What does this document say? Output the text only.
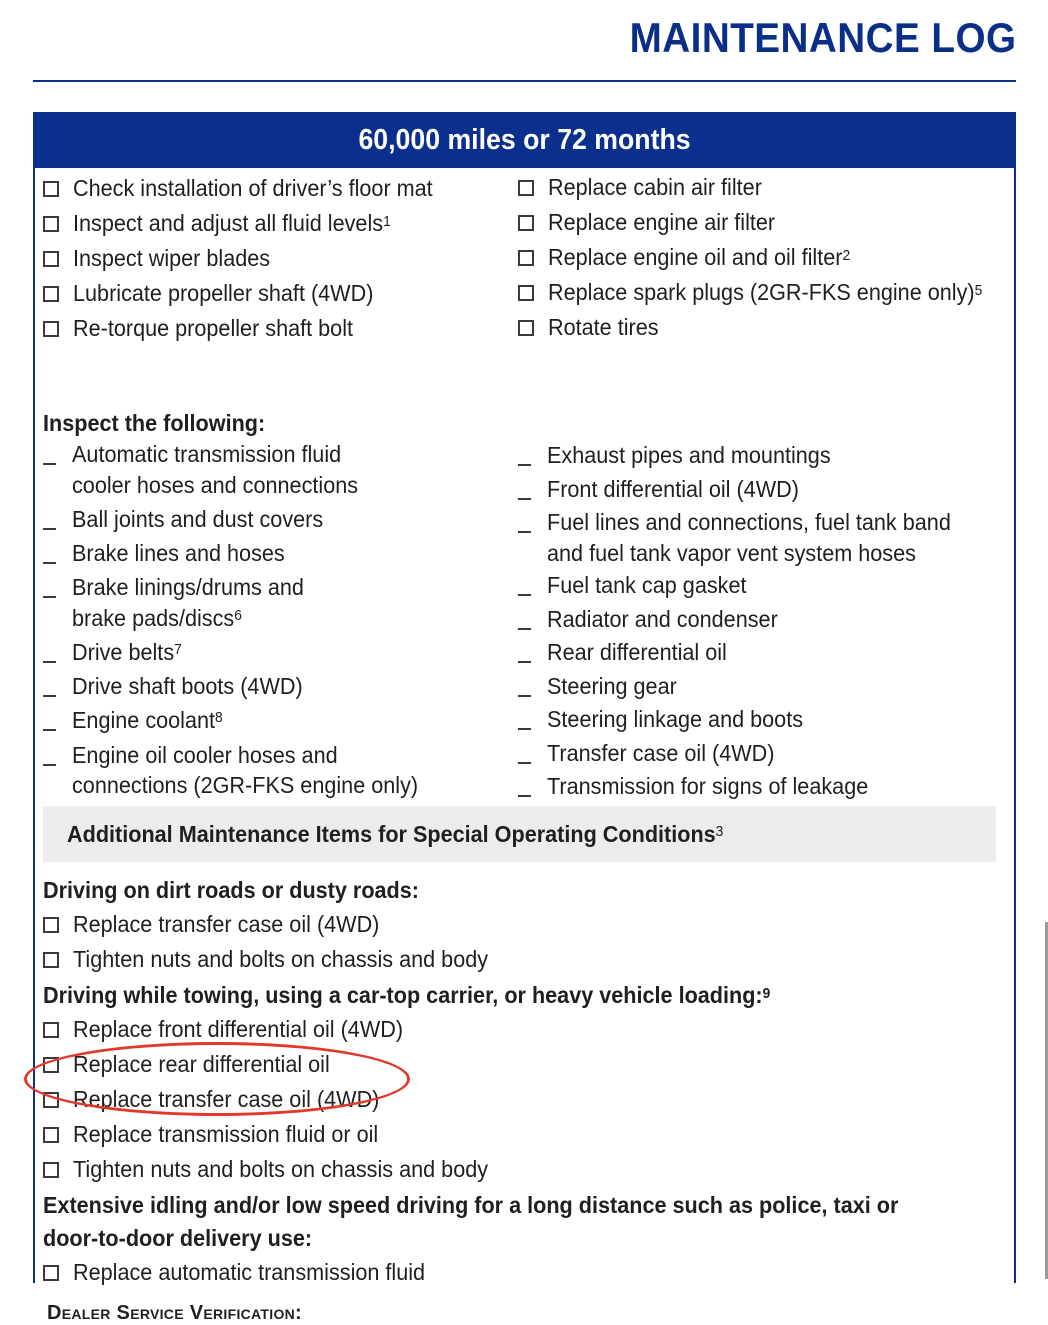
MAINTENANCE LOG
60,000 miles or 72 months
Check installation of driver’s floor mat
Inspect and adjust all fluid levels$^1$
Inspect wiper blades
Lubricate propeller shaft (4WD)
Re-torque propeller shaft bolt
Replace cabin air filter
Replace engine air filter
Replace engine oil and oil filter$^2$
Replace spark plugs (2GR-FKS engine only)$^5$
Rotate tires
Inspect the following:
Automatic transmission fluid
cooler hoses and connections
Ball joints and dust covers
Brake lines and hoses
Brake linings/drums and
brake pads/discs$^6$
Drive belts$^7$
Drive shaft boots (4WD)
Engine coolant$^8$
Engine oil cooler hoses and
connections (2GR-FKS engine only)
Exhaust pipes and mountings
Front differential oil (4WD)
Fuel lines and connections, fuel tank band
and fuel tank vapor vent system hoses
Fuel tank cap gasket
Radiator and condenser
Rear differential oil
Steering gear
Steering linkage and boots
Transfer case oil (4WD)
Transmission for signs of leakage
Additional Maintenance Items for Special Operating Conditions$^3$
Driving on dirt roads or dusty roads:
Replace transfer case oil (4WD)
Tighten nuts and bolts on chassis and body
Driving while towing, using a car-top carrier, or heavy vehicle loading:$^9$
Replace front differential oil (4WD)
Replace rear differential oil
Replace transfer case oil (4WD)
Replace transmission fluid or oil
Tighten nuts and bolts on chassis and body
Extensive idling and/or low speed driving for a long distance such as police, taxi or
door-to-door delivery use:
Replace automatic transmission fluid
Dealer Service Verification:
